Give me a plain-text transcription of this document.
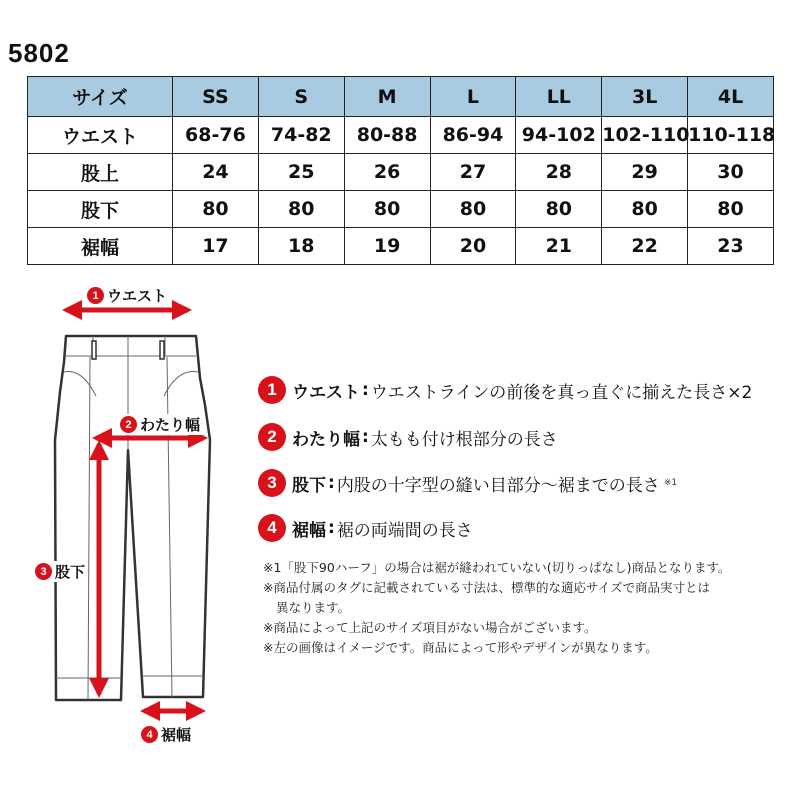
5802
サイズ	SS	S	M	L	LL	3L	4L
ウエスト	68-76	74-82	80-88	86-94	94-102	102-110	110-118
股上	24	25	26	27	28	29	30
股下	80	80	80	80	80	80	80
裾幅	17	18	19	20	21	22	23
1 ウエスト
2 わたり幅
3 股下
4 裾幅
1 ウエスト : ウエストラインの前後を真っ直ぐに揃えた長さ×2
2 わたり幅 : 太もも付け根部分の長さ
3 股下 : 内股の十字型の縫い目部分～裾までの長さ ※1
4 裾幅 : 裾の両端間の長さ
※1「股下90ハーフ」の場合は裾が縫われていない(切りっぱなし)商品となります。
※商品付属のタグに記載されている寸法は、標準的な適応サイズで商品実寸とは
異なります。
※商品によって上記のサイズ項目がない場合がございます。
※左の画像はイメージです。商品によって形やデザインが異なります。
